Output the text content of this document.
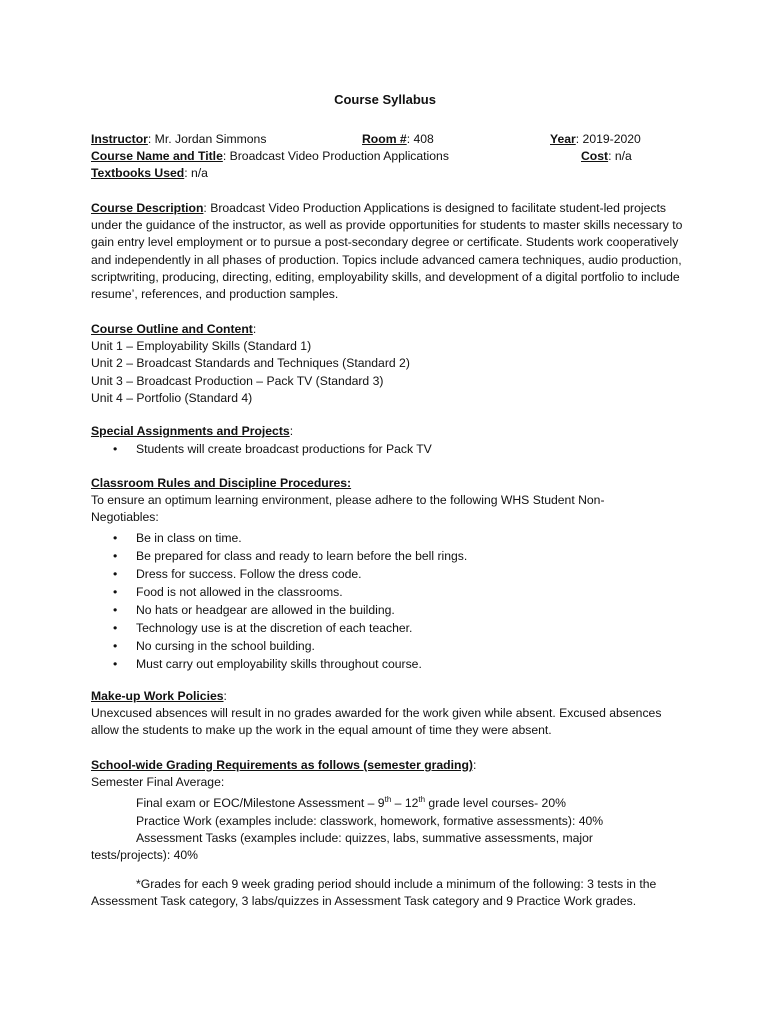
Course Syllabus
Instructor: Mr. Jordan Simmons	Room #: 408	Year: 2019-2020
Course Name and Title: Broadcast Video Production Applications	Cost: n/a
Textbooks Used: n/a

Course Description: Broadcast Video Production Applications is designed to facilitate student-led projects under the guidance of the instructor, as well as provide opportunities for students to master skills necessary to gain entry level employment or to pursue a post-secondary degree or certificate. Students work cooperatively and independently in all phases of production. Topics include advanced camera techniques, audio production, scriptwriting, producing, directing, editing, employability skills, and development of a digital portfolio to include resume’, references, and production samples.

Course Outline and Content:

Unit 1 – Employability Skills (Standard 1)

Unit 2 – Broadcast Standards and Techniques (Standard 2)

Unit 3 – Broadcast Production – Pack TV (Standard 3)

Unit 4 – Portfolio (Standard 4)

Special Assignments and Projects:

• Students will create broadcast productions for Pack TV

Classroom Rules and Discipline Procedures:

To ensure an optimum learning environment, please adhere to the following WHS Student Non-Negotiables:

• Be in class on time.
• Be prepared for class and ready to learn before the bell rings.
• Dress for success. Follow the dress code.
• Food is not allowed in the classrooms.
• No hats or headgear are allowed in the building.
• Technology use is at the discretion of each teacher.
• No cursing in the school building.
• Must carry out employability skills throughout course.

Make-up Work Policies:

Unexcused absences will result in no grades awarded for the work given while absent. Excused absences allow the students to make up the work in the equal amount of time they were absent.

School-wide Grading Requirements as follows (semester grading):

Semester Final Average:

Final exam or EOC/Milestone Assessment – 9th – 12th grade level courses- 20%

Practice Work (examples include: classwork, homework, formative assessments): 40%

Assessment Tasks (examples include: quizzes, labs, summative assessments, major

tests/projects): 40%

*Grades for each 9 week grading period should include a minimum of the following: 3 tests in the Assessment Task category, 3 labs/quizzes in Assessment Task category and 9 Practice Work grades.
